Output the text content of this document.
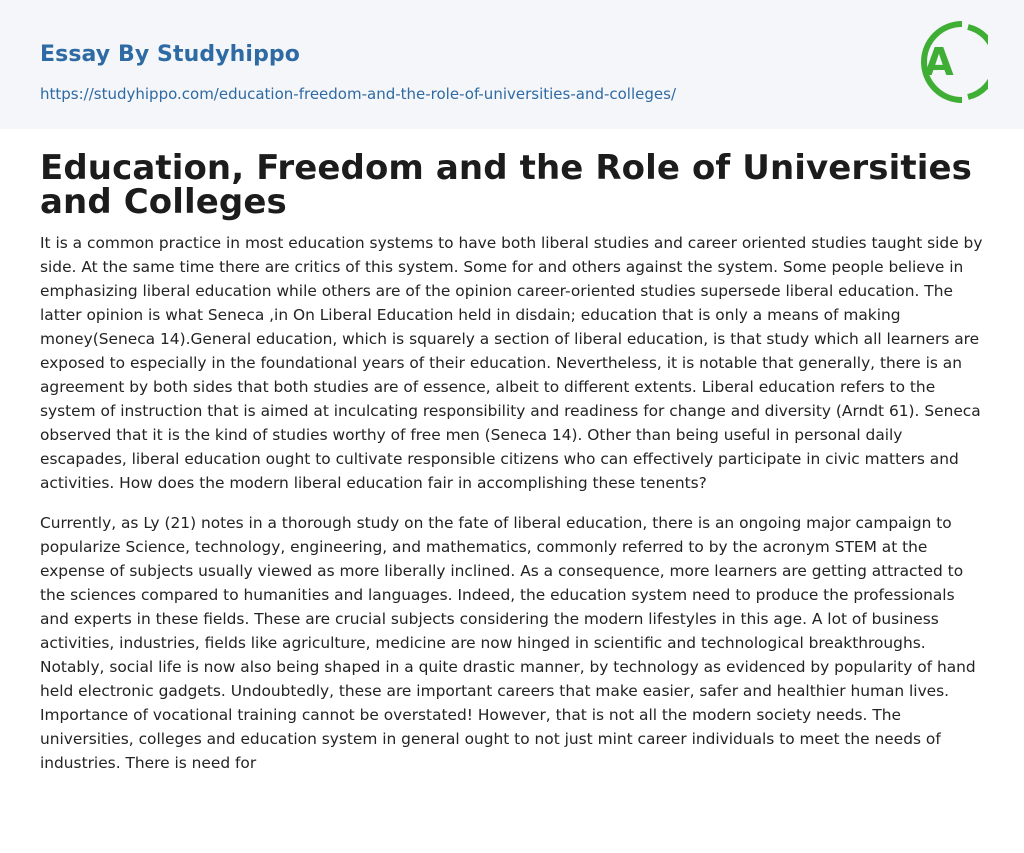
Essay By Studyhippo
https://studyhippo.com/education-freedom-and-the-role-of-universities-and-colleges/
A
Education, Freedom and the Role of Universities and Colleges

It is a common practice in most education systems to have both liberal studies and career oriented studies taught side by side. At the same time there are critics of this system. Some for and others against the system. Some people believe in emphasizing liberal education while others are of the opinion career-oriented studies supersede liberal education. The latter opinion is what Seneca ,in On Liberal Education held in disdain; education that is only a means of making money(Seneca 14).General education, which is squarely a section of liberal education, is that study which all learners are exposed to especially in the foundational years of their education. Nevertheless, it is notable that generally, there is an agreement by both sides that both studies are of essence, albeit to different extents. Liberal education refers to the system of instruction that is aimed at inculcating responsibility and readiness for change and diversity (Arndt 61). Seneca observed that it is the kind of studies worthy of free men (Seneca 14). Other than being useful in personal daily escapades, liberal education ought to cultivate responsible citizens who can effectively participate in civic matters and activities. How does the modern liberal education fair in accomplishing these tenents?

Currently, as Ly (21) notes in a thorough study on the fate of liberal education, there is an ongoing major campaign to popularize Science, technology, engineering, and mathematics, commonly referred to by the acronym STEM at the expense of subjects usually viewed as more liberally inclined. As a consequence, more learners are getting attracted to the sciences compared to humanities and languages. Indeed, the education system need to produce the professionals and experts in these fields. These are crucial subjects considering the modern lifestyles in this age. A lot of business activities, industries, fields like agriculture, medicine are now hinged in scientific and technological breakthroughs. Notably, social life is now also being shaped in a quite drastic manner, by technology as evidenced by popularity of hand held electronic gadgets. Undoubtedly, these are important careers that make easier, safer and healthier human lives. Importance of vocational training cannot be overstated! However, that is not all the modern society needs. The universities, colleges and education system in general ought to not just mint career individuals to meet the needs of industries. There is need for
